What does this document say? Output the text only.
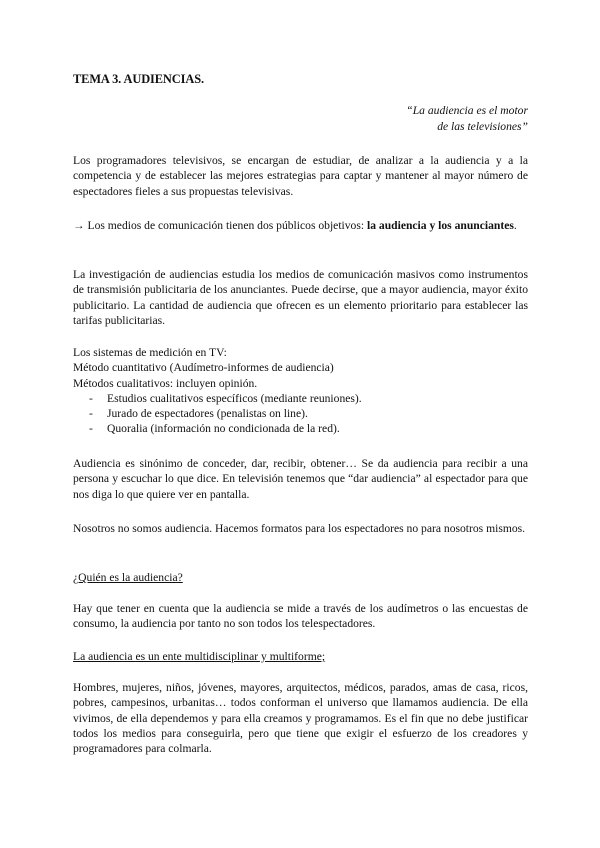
TEMA 3. AUDIENCIAS.
“La audiencia es el motor
de las televisiones”

Los programadores televisivos, se encargan de estudiar, de analizar a la audiencia y a la competencia y de establecer las mejores estrategias para captar y mantener al mayor número de espectadores fieles a sus propuestas televisivas.

→ Los medios de comunicación tienen dos públicos objetivos: la audiencia y los anunciantes.

La investigación de audiencias estudia los medios de comunicación masivos como instrumentos de transmisión publicitaria de los anunciantes. Puede decirse, que a mayor audiencia, mayor éxito publicitario. La cantidad de audiencia que ofrecen es un elemento prioritario para establecer las tarifas publicitarias.

Los sistemas de medición en TV:
Método cuantitativo (Audímetro-informes de audiencia)
Métodos cualitativos: incluyen opinión.
- Estudios cualitativos específicos (mediante reuniones).
- Jurado de espectadores (penalistas on line).
- Quoralia (información no condicionada de la red).

Audiencia es sinónimo de conceder, dar, recibir, obtener… Se da audiencia para recibir a una persona y escuchar lo que dice. En televisión tenemos que “dar audiencia” al espectador para que nos diga lo que quiere ver en pantalla.

Nosotros no somos audiencia. Hacemos formatos para los espectadores no para nosotros mismos.

¿Quién es la audiencia?

Hay que tener en cuenta que la audiencia se mide a través de los audímetros o las encuestas de consumo, la audiencia por tanto no son todos los telespectadores.

La audiencia es un ente multidisciplinar y multiforme;

Hombres, mujeres, niños, jóvenes, mayores, arquitectos, médicos, parados, amas de casa, ricos, pobres, campesinos, urbanitas… todos conforman el universo que llamamos audiencia. De ella vivimos, de ella dependemos y para ella creamos y programamos. Es el fin que no debe justificar todos los medios para conseguirla, pero que tiene que exigir el esfuerzo de los creadores y programadores para colmarla.
